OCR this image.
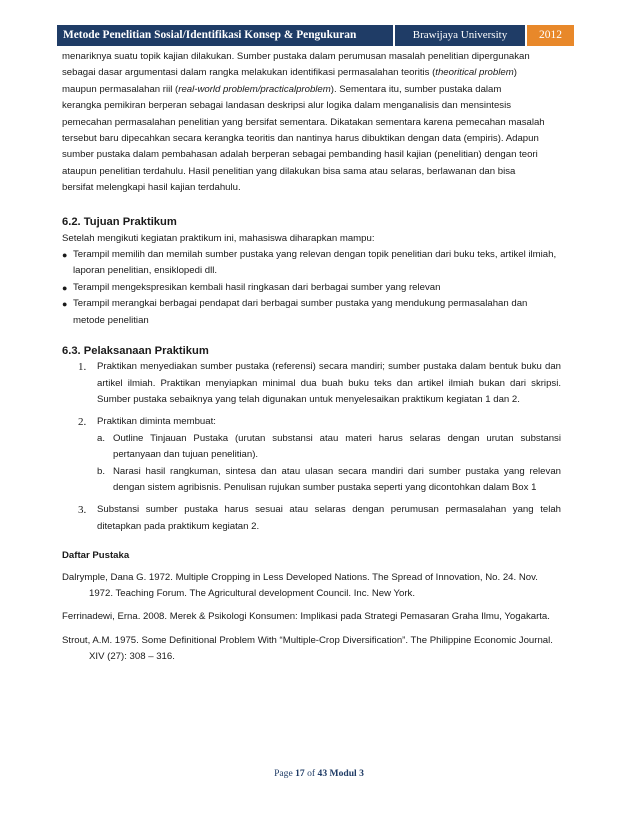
Metode Penelitian Sosial/Identifikasi Konsep & Pengukuran	Brawijaya University	2012

menariknya suatu topik kajian dilakukan. Sumber pustaka dalam perumusan masalah penelitian dipergunakan

sebagai dasar argumentasi dalam rangka melakukan identifikasi permasalahan teoritis (theoritical problem)

maupun permasalahan riil (real-world problem/practicalproblem). Sementara itu, sumber pustaka dalam

kerangka pemikiran berperan sebagai landasan deskripsi alur logika dalam menganalisis dan mensintesis

pemecahan permasalahan penelitian yang bersifat sementara. Dikatakan sementara karena pemecahan masalah

tersebut baru dipecahkan secara kerangka teoritis dan nantinya harus dibuktikan dengan data (empiris). Adapun

sumber pustaka dalam pembahasan adalah berperan sebagai pembanding hasil kajian (penelitian) dengan teori

ataupun penelitian terdahulu. Hasil penelitian yang dilakukan bisa sama atau selaras, berlawanan dan bisa

bersifat melengkapi hasil kajian terdahulu.

6.2. Tujuan Praktikum

Setelah mengikuti kegiatan praktikum ini, mahasiswa diharapkan mampu:

● Terampil memilih dan memilah sumber pustaka yang relevan dengan topik penelitian dari buku teks, artikel ilmiah, laporan penelitian, ensiklopedi dll.
● Terampil mengekspresikan kembali hasil ringkasan dari berbagai sumber yang relevan
● Terampil merangkai berbagai pendapat dari berbagai sumber pustaka yang mendukung permasalahan dan metode penelitian

6.3. Pelaksanaan Praktikum

1.	Praktikan menyediakan sumber pustaka (referensi) secara mandiri; sumber pustaka dalam bentuk buku dan artikel ilmiah. Praktikan menyiapkan minimal dua buah buku teks dan artikel ilmiah bukan dari skripsi. Sumber pustaka sebaiknya yang telah digunakan untuk menyelesaikan praktikum kegiatan 1 dan 2.
2.	Praktikan diminta membuat:
a. Outline Tinjauan Pustaka (urutan substansi atau materi harus selaras dengan urutan substansi pertanyaan dan tujuan penelitian).
b. Narasi hasil rangkuman, sintesa dan atau ulasan secara mandiri dari sumber pustaka yang relevan dengan sistem agribisnis. Penulisan rujukan sumber pustaka seperti yang dicontohkan dalam Box 1
3.	Substansi sumber pustaka harus sesuai atau selaras dengan perumusan permasalahan yang telah ditetapkan pada praktikum kegiatan 2.

Daftar Pustaka

Dalrymple, Dana G. 1972. Multiple Cropping in Less Developed Nations. The Spread of Innovation, No. 24. Nov. 1972. Teaching Forum. The Agricultural development Council. Inc. New York.

Ferrinadewi, Erna. 2008. Merek & Psikologi Konsumen: Implikasi pada Strategi Pemasaran Graha Ilmu, Yogakarta.

Strout, A.M. 1975. Some Definitional Problem With “Multiple-Crop Diversification”. The Philippine Economic Journal. XIV (27): 308 – 316.

Page 17 of 43 Modul 3
